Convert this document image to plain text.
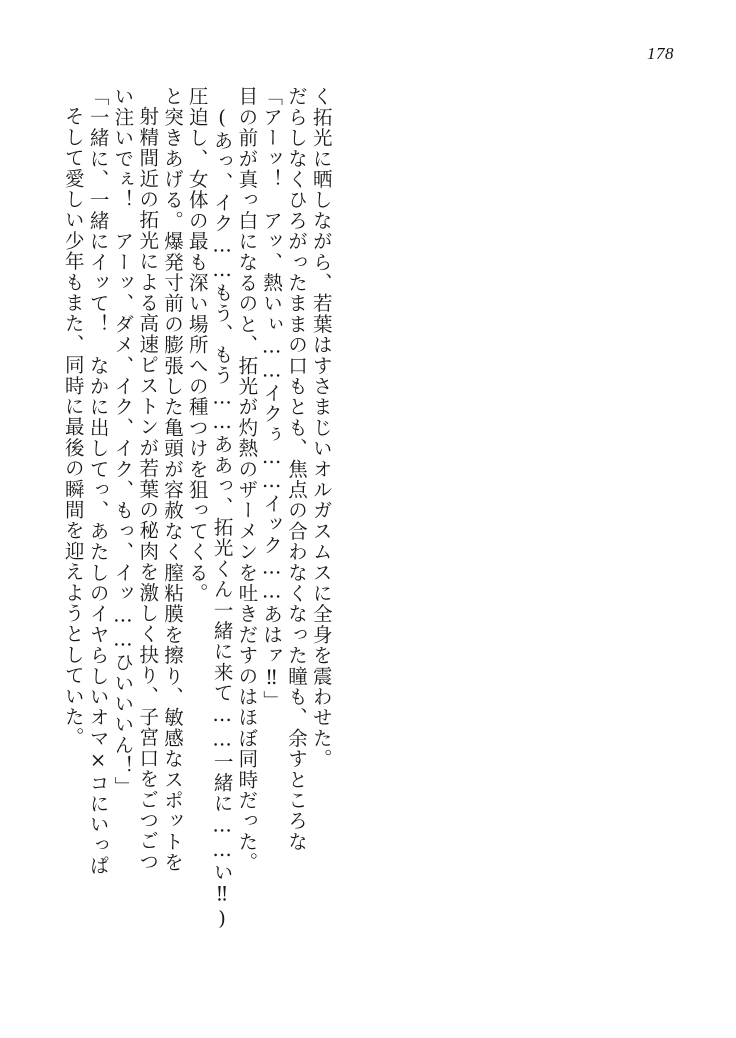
178
そして愛しい少年もまた、同時に最後の瞬間を迎えようとしていた。 「一緒に、一緒にイッて！　なかに出してっ、あたしのイヤらしいオマ×コにいっぱ い注いでぇ！　アーッ、ダメ、イク、イク、もっ、イッ……ひいいいん！」 射精間近の拓光による高速ピストンが若葉の秘肉を激しく抉り、子宮口をごつごつ と突きあげる。爆発寸前の膨張した亀頭が容赦なく膣粘膜を擦り、敏感なスポットを 圧迫し、女体の最も深い場所への種つけを狙ってくる。 (あっ、イク……もう、もう……ああっ、拓光くん一緒に来て……一緒に……い‼) 目の前が真っ白になるのと、拓光が灼熱のザーメンを吐きだすのはほぼ同時だった。 「アーッ！　アッ、熱いぃ……イクぅ……イック……あはァ‼」 だらしなくひろがったままの口もとも、焦点の合わなくなった瞳も、余すところな く拓光に晒しながら、若葉はすさまじいオルガスムスに全身を震わせた。
